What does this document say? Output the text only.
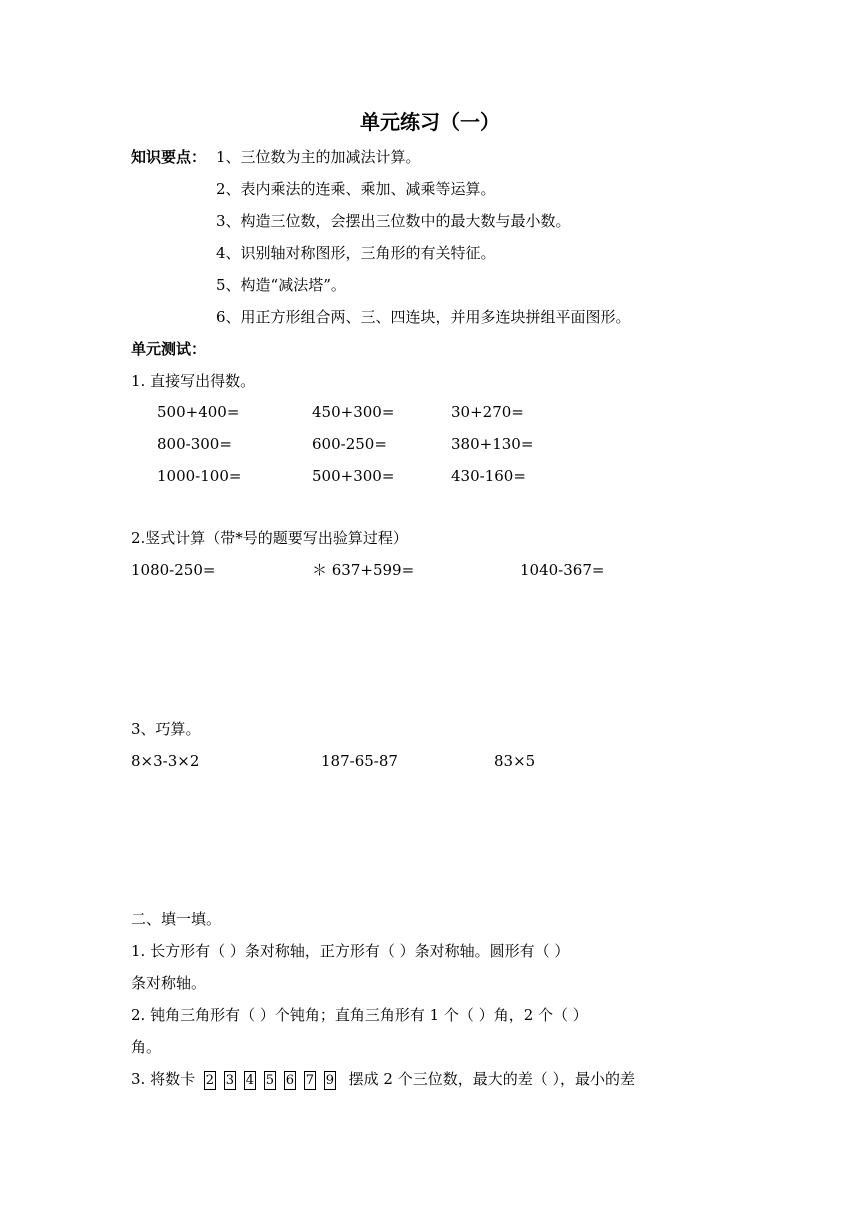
单元练习（一）
知识要点： 1、三位数为主的加减法计算。
2、表内乘法的连乘、乘加、减乘等运算。
3、构造三位数，会摆出三位数中的最大数与最小数。
4、识别轴对称图形，三角形的有关特征。
5、构造“减法塔”。
6、用正方形组合两、三、四连块，并用多连块拼组平面图形。
单元测试：
1. 直接写出得数。
500+400=	450+300=	30+270=
800-300=	600-250=	380+130=
1000-100=	500+300=	430-160=
2.竖式计算（带*号的题要写出验算过程）
1080-250=	＊ 637+599=	1040-367=
3、巧算。
8×3-3×2	187-65-87	83×5
二、填一填。
1. 长方形有（ ）条对称轴，正方形有（ ）条对称轴。圆形有（ ）
条对称轴。
2. 钝角三角形有（ ）个钝角；直角三角形有 1 个（ ）角，2 个（ ）
角。
3. 将数卡 2 3 4 5 6 7 9 摆成 2 个三位数，最大的差（ ），最小的差
